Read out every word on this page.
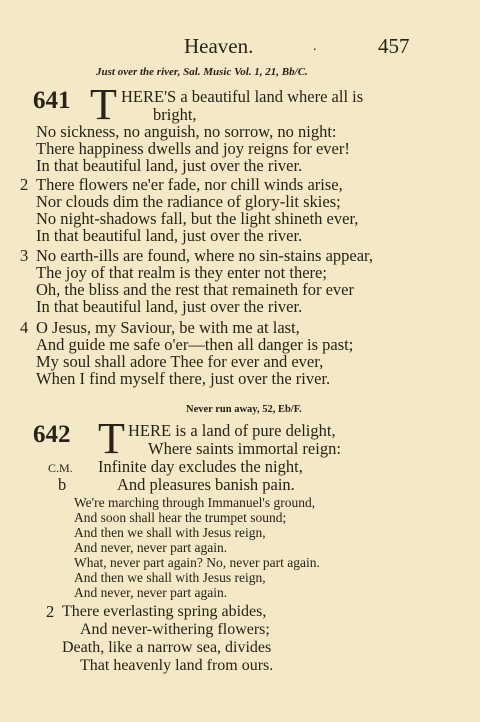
Heaven.	.	457
Just over the river, Sal. Music Vol. 1, 21, Bb/C.
641 T HERE'S a beautiful land where all is
bright,
No sickness, no anguish, no sorrow, no night:
There happiness dwells and joy reigns for ever!
In that beautiful land, just over the river.
2 There flowers ne'er fade, nor chill winds arise,
Nor clouds dim the radiance of glory-lit skies;
No night-shadows fall, but the light shineth ever,
In that beautiful land, just over the river.
3 No earth-ills are found, where no sin-stains appear,
The joy of that realm is they enter not there;
Oh, the bliss and the rest that remaineth for ever
In that beautiful land, just over the river.
4 O Jesus, my Saviour, be with me at last,
And guide me safe o'er—then all danger is past;
My soul shall adore Thee for ever and ever,
When I find myself there, just over the river.
Never run away, 52, Eb/F.
642 T HERE is a land of pure delight,
Where saints immortal reign:
C.M. Infinite day excludes the night,
b	And pleasures banish pain.
We're marching through Immanuel's ground,
And soon shall hear the trumpet sound;
And then we shall with Jesus reign,
And never, never part again.
What, never part again? No, never part again.
And then we shall with Jesus reign,
And never, never part again.
2 There everlasting spring abides,
And never-withering flowers;
Death, like a narrow sea, divides
That heavenly land from ours.
